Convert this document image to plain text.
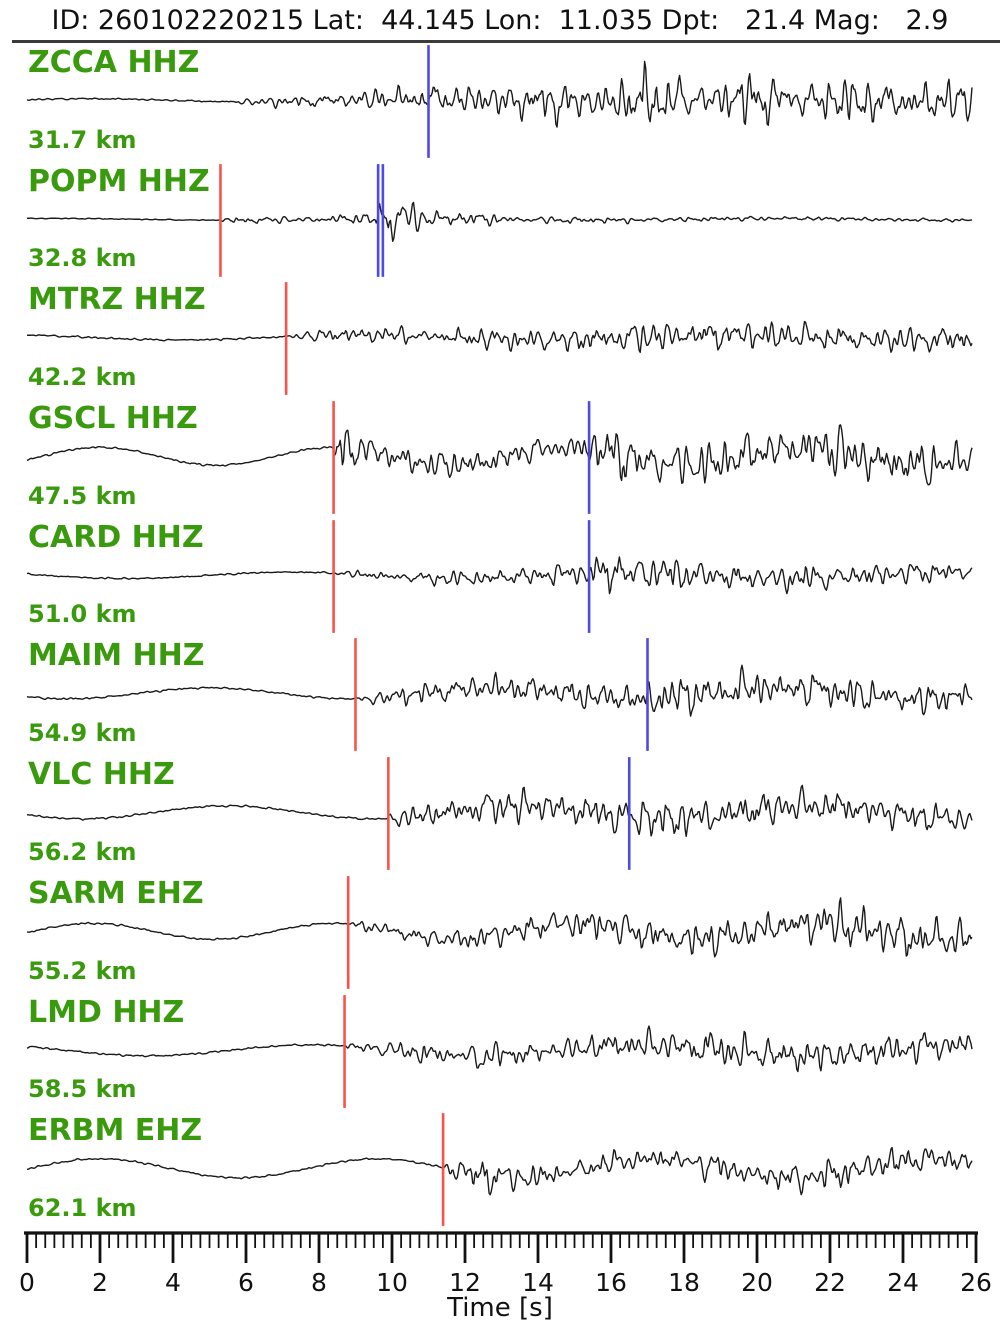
ID: 260102220215 Lat:  44.145 Lon:  11.035 Dpt:   21.4 Mag:   2.9
ZCCA HHZ
31.7 km
POPM HHZ
32.8 km
MTRZ HHZ
42.2 km
GSCL HHZ
47.5 km
CARD HHZ
51.0 km
MAIM HHZ
54.9 km
VLC HHZ
56.2 km
SARM EHZ
55.2 km
LMD HHZ
58.5 km
ERBM EHZ
62.1 km
0 2 4 6 8 10 12 14 16 18 20 22 24 26
Time [s]
